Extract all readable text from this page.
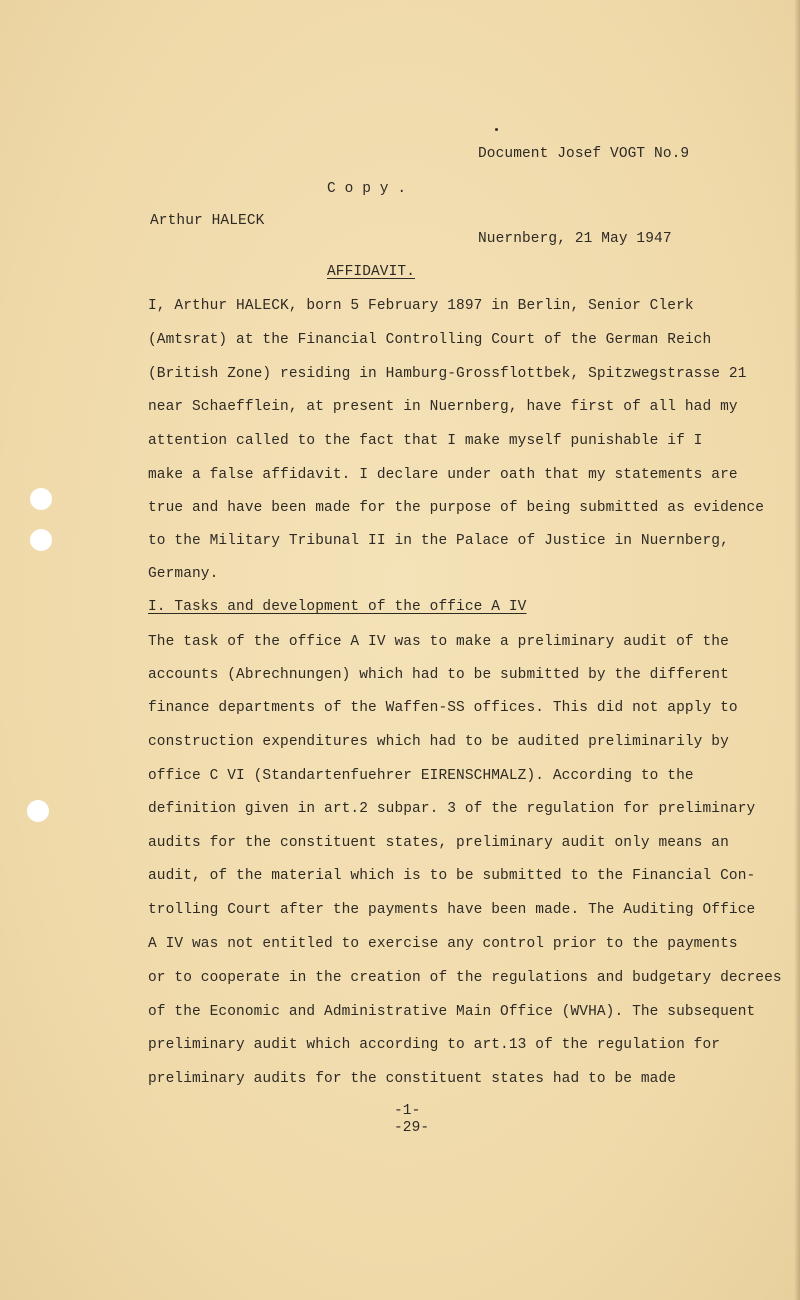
Document Josef VOGT No.9
C o p y .
Arthur HALECK
Nuernberg, 21 May 1947
AFFIDAVIT.
I, Arthur HALECK, born 5 February 1897 in Berlin, Senior Clerk
(Amtsrat) at the Financial Controlling Court of the German Reich
(British Zone) residing in Hamburg-Grossflottbek, Spitzwegstrasse 21
near Schaefflein, at present in Nuernberg, have first of all had my
attention called to the fact that I make myself punishable if I
make a false affidavit. I declare under oath that my statements are
true and have been made for the purpose of being submitted as evidence
to the Military Tribunal II in the Palace of Justice in Nuernberg,
Germany.
I. Tasks and development of the office A IV
The task of the office A IV was to make a preliminary audit of the
accounts (Abrechnungen) which had to be submitted by the different
finance departments of the Waffen-SS offices. This did not apply to
construction expenditures which had to be audited preliminarily by
office C VI (Standartenfuehrer EIRENSCHMALZ). According to the
definition given in art.2 subpar. 3 of the regulation for preliminary
audits for the constituent states, preliminary audit only means an
audit, of the material which is to be submitted to the Financial Con-
trolling Court after the payments have been made. The Auditing Office
A IV was not entitled to exercise any control prior to the payments
or to cooperate in the creation of the regulations and budgetary decrees
of the Economic and Administrative Main Office (WVHA). The subsequent
preliminary audit which according to art.13 of the regulation for
preliminary audits for the constituent states had to be made
-1-
-29-
